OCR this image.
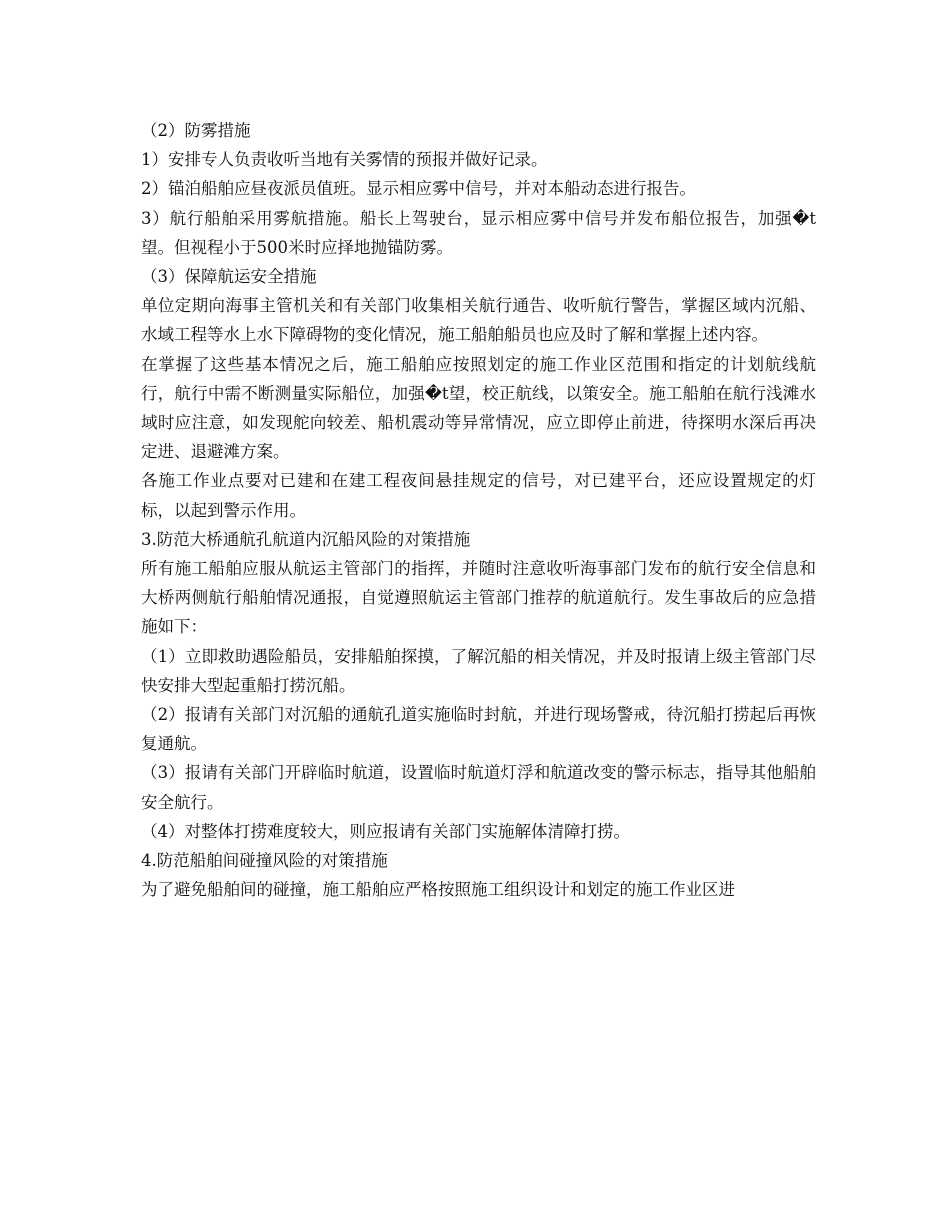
（2）防雾措施

1）安排专人负责收听当地有关雾情的预报并做好记录。

2）锚泊船舶应昼夜派员值班。显示相应雾中信号，并对本船动态进行报告。

3）航行船舶采用雾航措施。船长上驾驶台，显示相应雾中信号并发布船位报告，加强�t望。但视程小于500米时应择地抛锚防雾。

（3）保障航运安全措施

单位定期向海事主管机关和有关部门收集相关航行通告、收听航行警告，掌握区域内沉船、水域工程等水上水下障碍物的变化情况，施工船舶船员也应及时了解和掌握上述内容。

在掌握了这些基本情况之后，施工船舶应按照划定的施工作业区范围和指定的计划航线航行，航行中需不断测量实际船位，加强�t望，校正航线，以策安全。施工船舶在航行浅滩水域时应注意，如发现舵向较差、船机震动等异常情况，应立即停止前进，待探明水深后再决定进、退避滩方案。

各施工作业点要对已建和在建工程夜间悬挂规定的信号，对已建平台，还应设置规定的灯标，以起到警示作用。

3.防范大桥通航孔航道内沉船风险的对策措施

所有施工船舶应服从航运主管部门的指挥，并随时注意收听海事部门发布的航行安全信息和大桥两侧航行船舶情况通报，自觉遵照航运主管部门推荐的航道航行。发生事故后的应急措施如下：

（1）立即救助遇险船员，安排船舶探摸，了解沉船的相关情况，并及时报请上级主管部门尽快安排大型起重船打捞沉船。

（2）报请有关部门对沉船的通航孔道实施临时封航，并进行现场警戒，待沉船打捞起后再恢复通航。

（3）报请有关部门开辟临时航道，设置临时航道灯浮和航道改变的警示标志，指导其他船舶安全航行。

（4）对整体打捞难度较大，则应报请有关部门实施解体清障打捞。

4.防范船舶间碰撞风险的对策措施

为了避免船舶间的碰撞，施工船舶应严格按照施工组织设计和划定的施工作业区进
